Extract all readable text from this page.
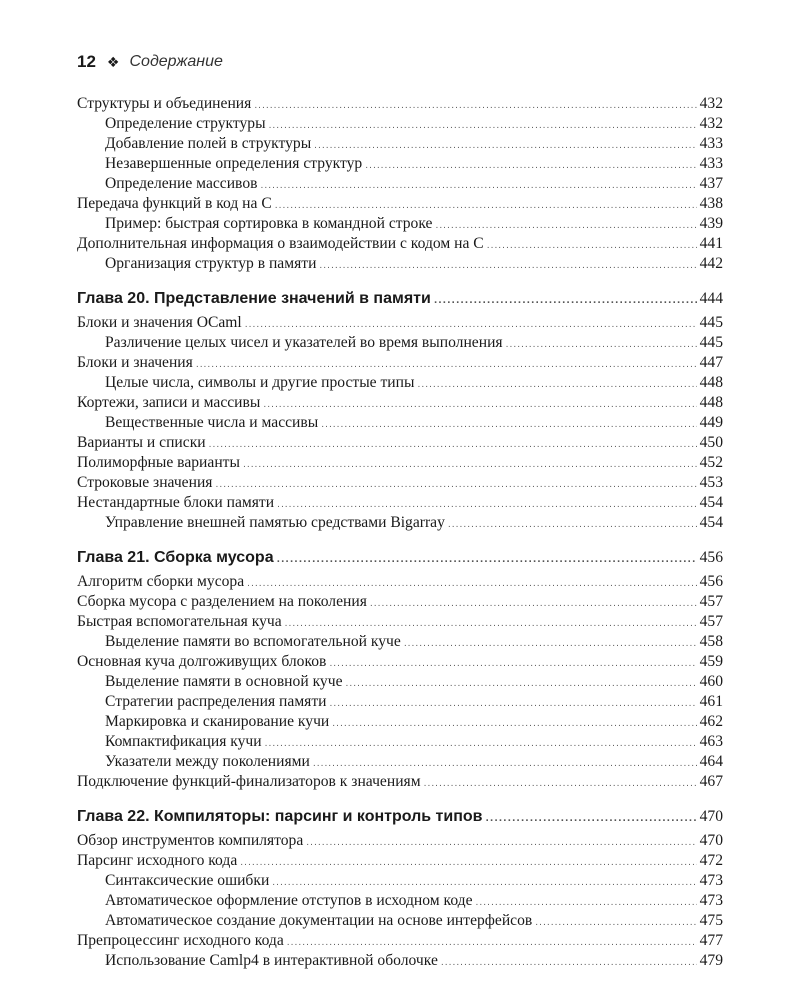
12 ❖ Содержание
Структуры и объединения .....	432
Определение структуры .....	432
Добавление полей в структуры .....	433
Незавершенные определения структур .....	433
Определение массивов .....	437
Передача функций в код на С .....	438
Пример: быстрая сортировка в командной строке .....	439
Дополнительная информация о взаимодействии с кодом на С .....	441
Организация структур в памяти .....	442
Глава 20. Представление значений в памяти .....	444
Блоки и значения OCaml .....	445
Различение целых чисел и указателей во время выполнения .....	445
Блоки и значения .....	447
Целые числа, символы и другие простые типы .....	448
Кортежи, записи и массивы .....	448
Вещественные числа и массивы .....	449
Варианты и списки .....	450
Полиморфные варианты .....	452
Строковые значения .....	453
Нестандартные блоки памяти .....	454
Управление внешней памятью средствами Bigarray .....	454
Глава 21. Сборка мусора .....	456
Алгоритм сборки мусора .....	456
Сборка мусора с разделением на поколения .....	457
Быстрая вспомогательная куча .....	457
Выделение памяти во вспомогательной куче .....	458
Основная куча долгоживущих блоков .....	459
Выделение памяти в основной куче .....	460
Стратегии распределения памяти .....	461
Маркировка и сканирование кучи .....	462
Компактификация кучи .....	463
Указатели между поколениями .....	464
Подключение функций-финализаторов к значениям .....	467
Глава 22. Компиляторы: парсинг и контроль типов .....	470
Обзор инструментов компилятора .....	470
Парсинг исходного кода .....	472
Синтаксические ошибки .....	473
Автоматическое оформление отступов в исходном коде .....	473
Автоматическое создание документации на основе интерфейсов .....	475
Препроцессинг исходного кода .....	477
Использование Camlp4 в интерактивной оболочке .....	479
